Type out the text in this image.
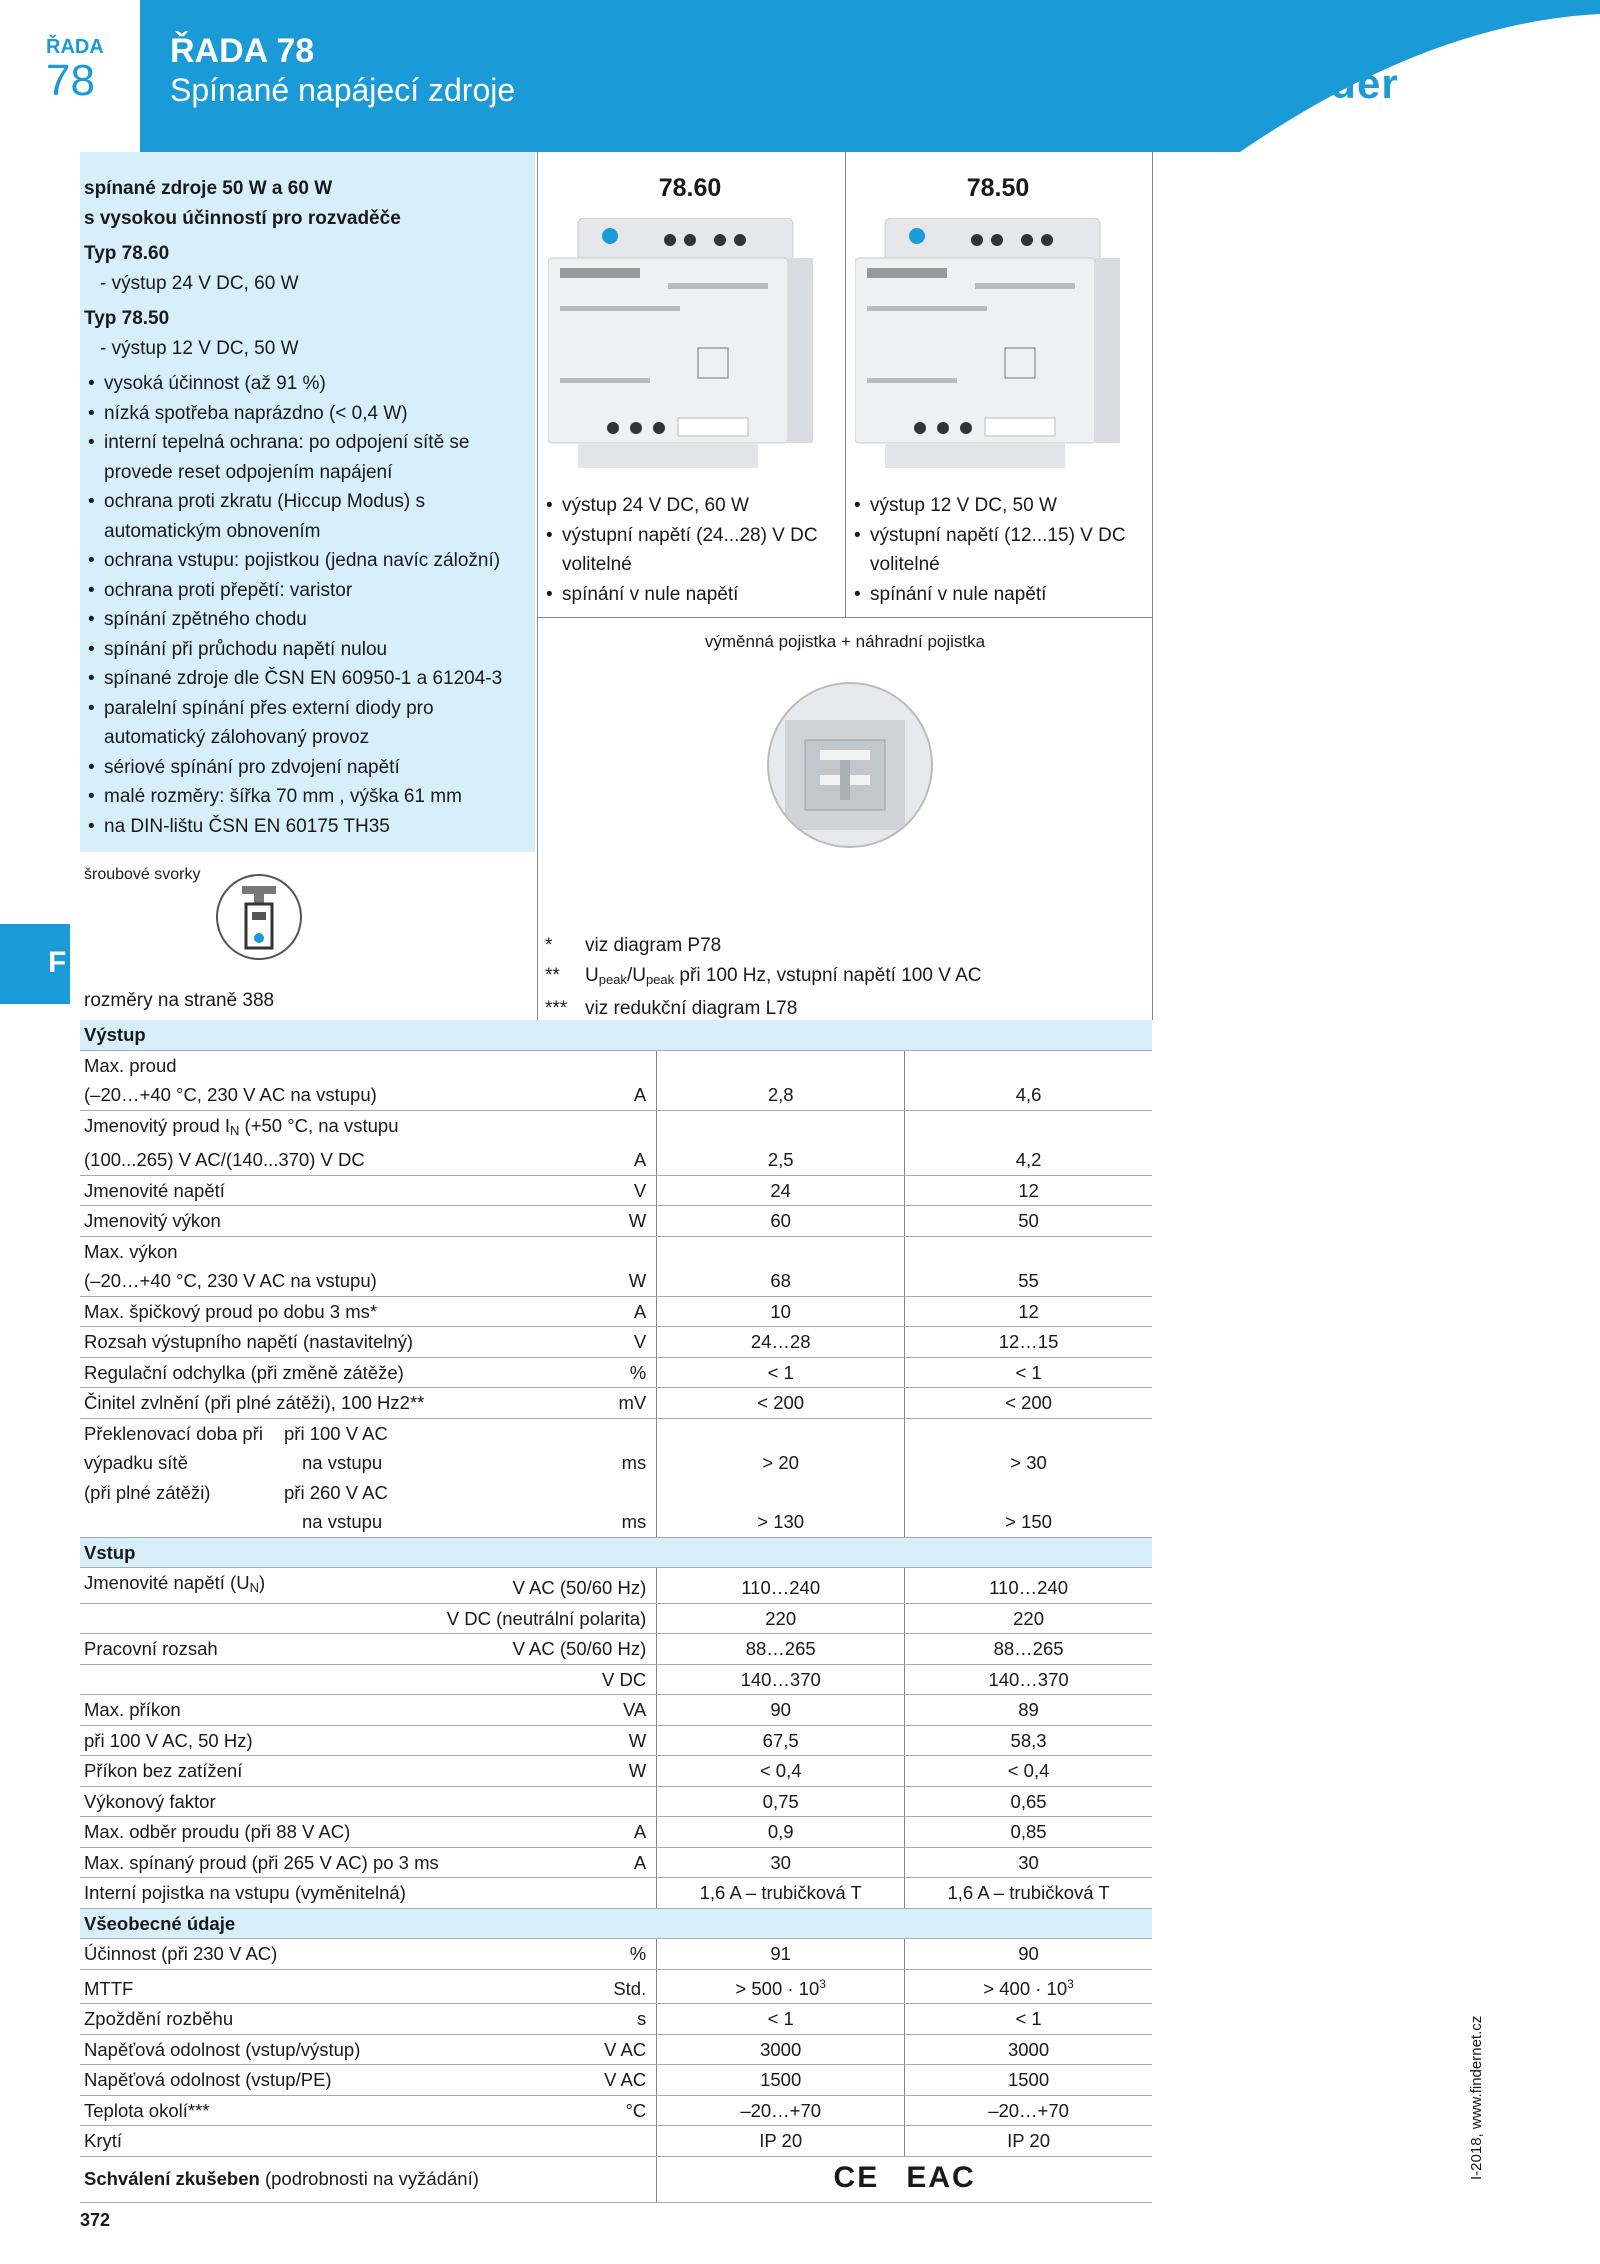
ŘADA
78
ŘADA 78
Spínané napájecí zdroje	finder
spínané zdroje 50 W a 60 W
s vysokou účinností pro rozvaděče
Typ 78.60
- výstup 24 V DC, 60 W
Typ 78.50
- výstup 12 V DC, 50 W
• vysoká účinnost (až 91 %)
• nízká spotřeba naprázdno (< 0,4 W)
• interní tepelná ochrana: po odpojení sítě se provede reset odpojením napájení
• ochrana proti zkratu (Hiccup Modus) s automatickým obnovením
• ochrana vstupu: pojistkou (jedna navíc záložní)
• ochrana proti přepětí: varistor
• spínání zpětného chodu
• spínání při průchodu napětí nulou
• spínané zdroje dle ČSN EN 60950-1 a 61204-3
• paralelní spínání přes externí diody pro automatický zálohovaný provoz
• sériové spínání pro zdvojení napětí
• malé rozměry: šířka 70 mm , výška 61 mm
• na DIN-lištu ČSN EN 60175 TH35
78.60
• výstup 24 V DC, 60 W
• výstupní napětí (24...28) V DC volitelné
• spínání v nule napětí
78.50
• výstup 12 V DC, 50 W
• výstupní napětí (12...15) V DC volitelné
• spínání v nule napětí
výměnná pojistka + náhradní pojistka
* viz diagram P78
** $U_{peak}/U_{peak}$ při 100 Hz, vstupní napětí 100 V AC
*** viz redukční diagram L78
šroubové svorky
F
rozměry na straně 388
Výstup			

Max. proud
(–20…+40 °C, 230 V AC na vstupu)	A	2,8	4,6

Jmenovitý proud $I_N$ (+50 °C, na vstupu
(100...265) V AC/(140...370) V DC	A	2,5	4,2
Jmenovité napětí	V	24	12
Jmenovitý výkon	W	60	50

Max. výkon
(–20…+40 °C, 230 V AC na vstupu)	W	68	55
Max. špičkový proud po dobu 3 ms*	A	10	12
Rozsah výstupního napětí (nastavitelný)	V	24…28	12…15
Regulační odchylka (při změně zátěže)	%	< 1	< 1
Činitel zvlnění (při plné zátěži), 100 Hz2**	mV	< 200	< 200

Překlenovací doba při při 100 V AC
výpadku sítě na vstupu	ms	> 20	> 30

(při plné zátěži) při 260 V AC
na vstupu	ms	> 130	> 150
Vstup			
Jmenovité napětí $(U_N)$	V AC (50/60 Hz)	110…240	110…240
	V DC (neutrální polarita)	220	220
Pracovní rozsah	V AC (50/60 Hz)	88…265	88…265
	V DC	140…370	140…370
Max. příkon	VA	90	89
při 100 V AC, 50 Hz)	W	67,5	58,3
Příkon bez zatížení	W	< 0,4	< 0,4
Výkonový faktor		0,75	0,65
Max. odběr proudu (při 88 V AC)	A	0,9	0,85
Max. spínaný proud (při 265 V AC) po 3 ms	A	30	30
Interní pojistka na vstupu (vyměnitelná)		1,6 A – trubičková T	1,6 A – trubičková T
Všeobecné údaje			
Účinnost (při 230 V AC)	%	91	90
MTTF	Std.	> $500 \cdot 10^3$	> $400 \cdot 10^3$
Zpoždění rozběhu	s	< 1	< 1
Napěťová odolnost (vstup/výstup)	V AC	3000	3000
Napěťová odolnost (vstup/PE)	V AC	1500	1500
Teplota okolí***	°C	–20…+70	–20…+70
Krytí		IP 20	IP 20
Schválení zkušeben (podrobnosti na vyžádání)		CE EAC	
372
I-2018, www.findernet.cz
